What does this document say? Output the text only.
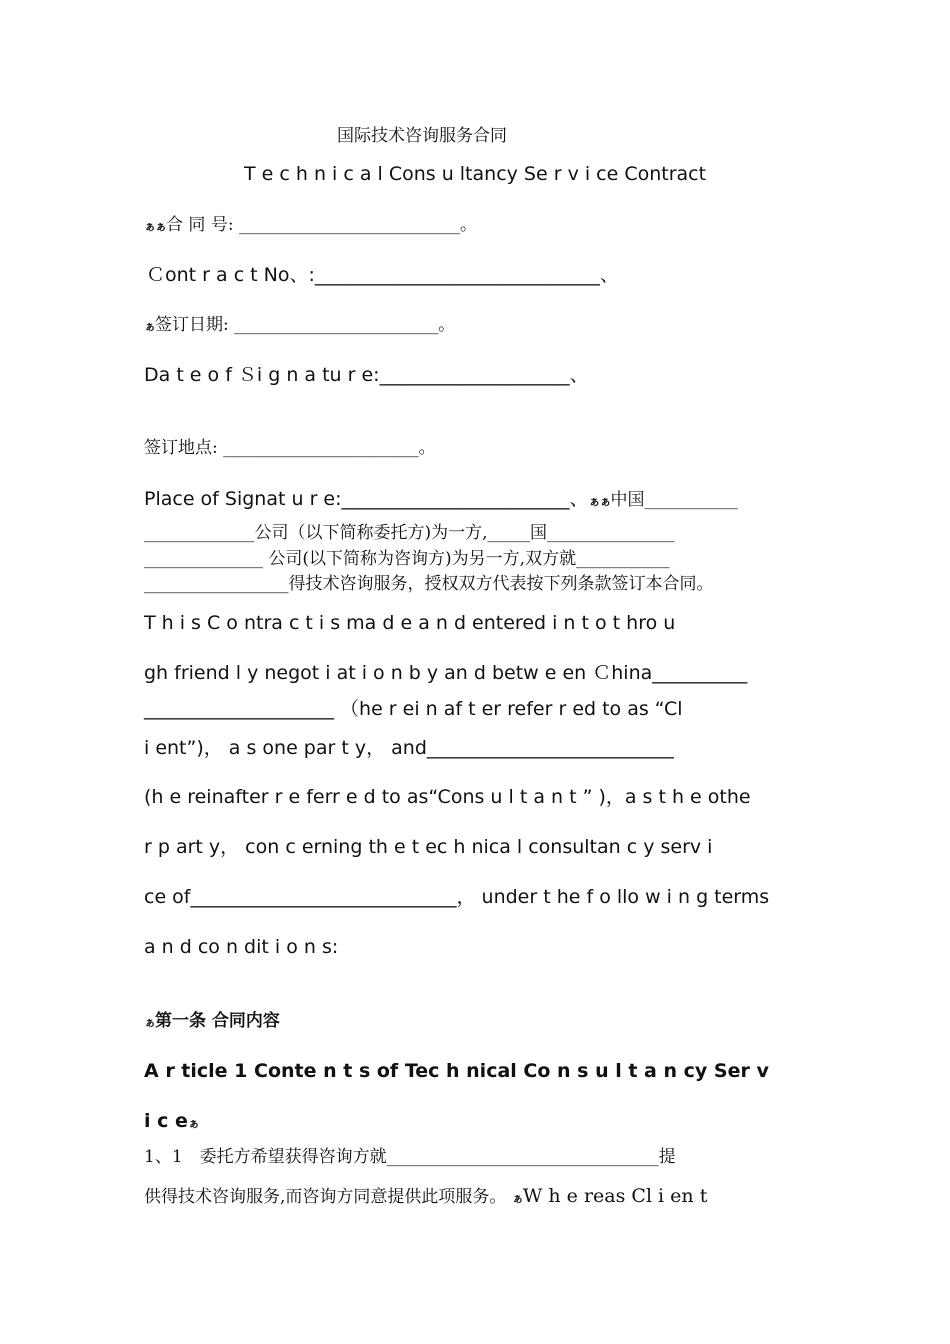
国际技术咨询服务合同
T e c h n i c a l Cons u ltancy Se r v i ce Contract
ぁぁ合 同 号: __________________________。
Ｃont r a c t No、:______________________________、
ぁ签订日期: ________________________。
Da t e o f Ｓi g n a tu r e:____________________、
签订地点: _______________________。
Place of Signat u r e:________________________、ぁぁ中国___________
_____________公司（以下简称委托方)为一方,_____国_______________
______________ 公司(以下简称为咨询方)为另一方,双方就___________
_________________得技术咨询服务，授权双方代表按下列条款签订本合同。
T h i s C o ntra c t i s ma d e a n d entered i n t o t hro u
gh friend l y negot i at i o n b y an d betw e en Ｃhina__________
____________________ （he r ei n af t er refer r ed to as “Cl
i ent”)， a s one par t y， and__________________________
(h e reinafter r e ferr e d to as“Cons u l t a n t ” )，a s t h e othe
r p art y， con c erning th e t ec h nica l consultan c y serv i
ce of____________________________， under t he f o llo w i n g terms
a n d co n dit i o n s:
ぁ第一条 合同内容
A r ticle 1 Conte n t s of Tec h nical Co n s u l t a n cy Ser v
i c eぁ
1、1　委托方希望获得咨询方就________________________________提
供得技术咨询服务,而咨询方同意提供此项服务。 ぁW h e reas Cl i en t
